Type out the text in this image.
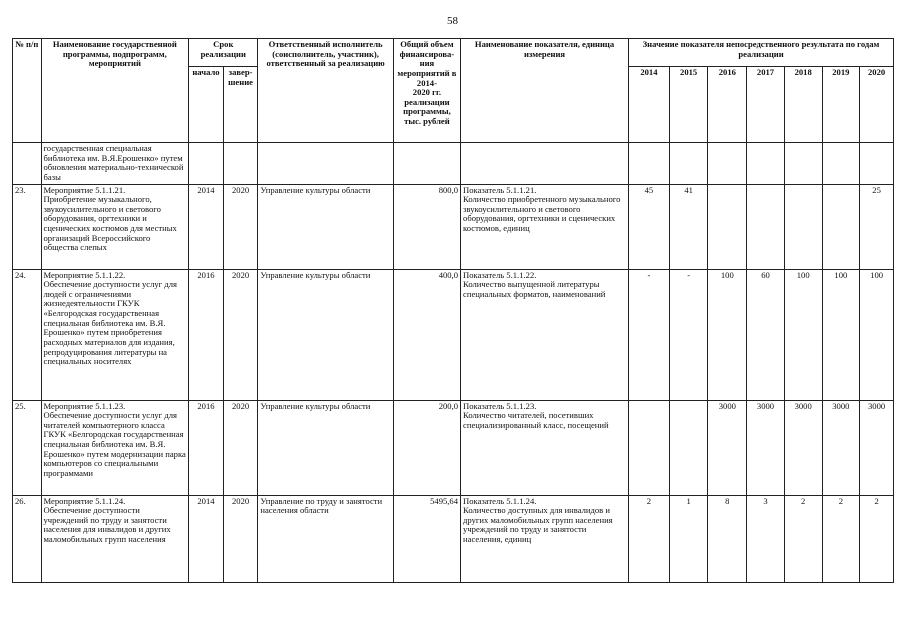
58
№ п/п	Наименование государственной программы, подпрограмм, мероприятий	Срок реализации		Ответственный исполнитель (соисполнитель, участник), ответственный за реализацию	Общий объем финансирова-
ния мероприятий в 2014-
2020 гг. реализации программы, тыс. рублей	Наименование показателя, единица измерения	Значение показателя непосредственного результата по годам реализации						
		начало	завер-
шение				2014	2015	2016	2017	2018	2019	2020

	государственная специальная библиотека им. В.Я.Ерошенко» путем обновления материально-технической базы												
23.	Мероприятие 5.1.1.21.
Приобретение музыкального, звукоусилительного и светового оборудования, оргтехники и сценических костюмов для местных организаций Всероссийского общества слепых	2014	2020	Управление культуры области	800,0	Показатель 5.1.1.21.
Количество приобретенного музыкального звукоусилительного и светового оборудования, оргтехники и сценических костюмов, единиц	45	41					25
24.	Мероприятие 5.1.1.22.
Обеспечение доступности услуг для людей с ограничениями жизнедеятельности ГКУК «Белгородская государственная специальная библиотека им. В.Я. Ерошенко» путем приобретения расходных материалов для издания, репродуцирования литературы на специальных носителях	2016	2020	Управление культуры области	400,0	Показатель 5.1.1.22.
Количество выпущенной литературы специальных форматов, наименований	-	-	100	60	100	100	100
25.	Мероприятие 5.1.1.23.
Обеспечение доступности услуг для читателей компьютерного класса ГКУК «Белгородская государственная специальная библиотека им. В.Я. Ерошенко» путем модернизации парка компьютеров со специальными программами	2016	2020	Управление культуры области	200,0	Показатель 5.1.1.23.
Количество читателей, посетивших специализированный класс, посещений			3000	3000	3000	3000	3000
26.	Мероприятие 5.1.1.24.
Обеспечение доступности учреждений по труду и занятости населения для инвалидов и других маломобильных групп населения	2014	2020	Управление по труду и занятости населения области	5495,64	Показатель 5.1.1.24.
Количество доступных для инвалидов и других маломобильных групп населения учреждений по труду и занятости населения, единиц	2	1	8	3	2	2	2
